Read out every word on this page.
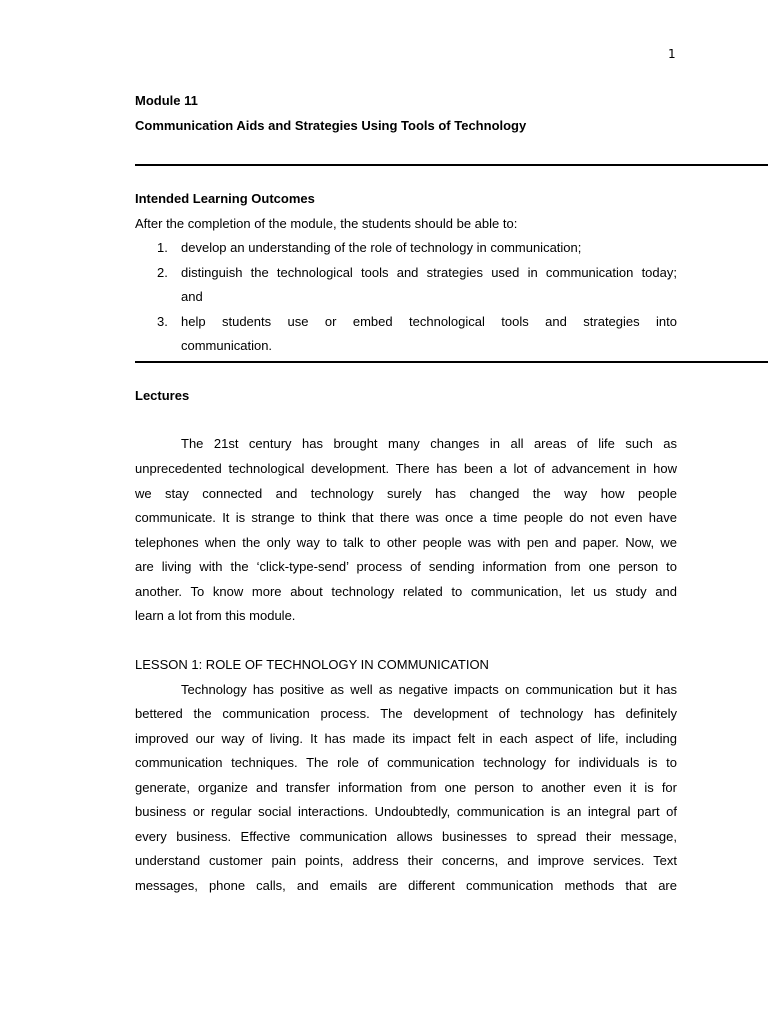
1
Module 11
Communication Aids and Strategies Using Tools of Technology
Intended Learning Outcomes
After the completion of the module, the students should be able to:
1. develop an understanding of the role of technology in communication;
2. distinguish the technological tools and strategies used in communication today;
and
3. help students use or embed technological tools and strategies into
communication.
Lectures
The 21st century has brought many changes in all areas of life such as
unprecedented technological development. There has been a lot of advancement in how
we stay connected and technology surely has changed the way how people
communicate. It is strange to think that there was once a time people do not even have
telephones when the only way to talk to other people was with pen and paper. Now, we
are living with the ‘click-type-send’ process of sending information from one person to
another. To know more about technology related to communication, let us study and
learn a lot from this module.
LESSON 1: ROLE OF TECHNOLOGY IN COMMUNICATION
Technology has positive as well as negative impacts on communication but it has
bettered the communication process. The development of technology has definitely
improved our way of living. It has made its impact felt in each aspect of life, including
communication techniques. The role of communication technology for individuals is to
generate, organize and transfer information from one person to another even it is for
business or regular social interactions. Undoubtedly, communication is an integral part of
every business. Effective communication allows businesses to spread their message,
understand customer pain points, address their concerns, and improve services. Text
messages, phone calls, and emails are different communication methods that are
